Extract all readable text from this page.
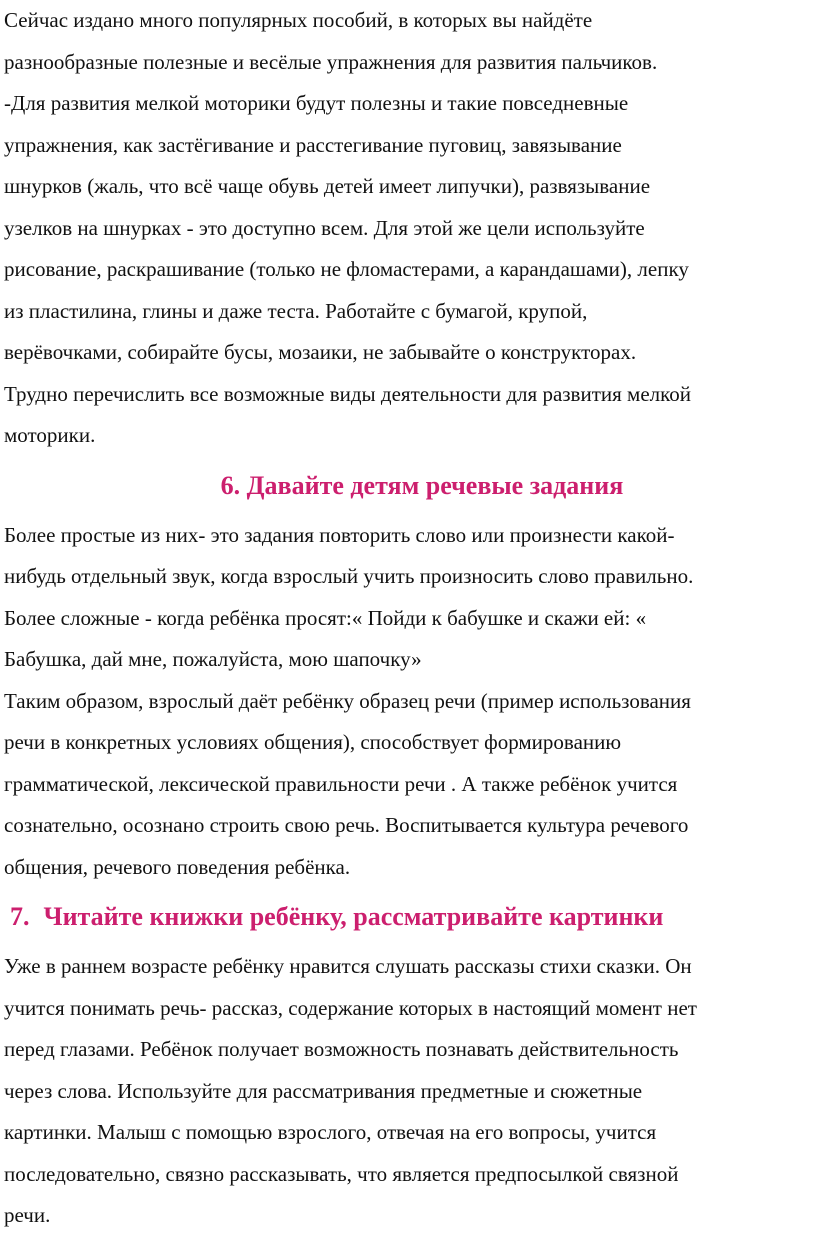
Сейчас издано много популярных пособий, в которых вы найдёте
разнообразные полезные и весёлые упражнения для развития пальчиков.
-Для развития мелкой моторики будут полезны и такие повседневные
упражнения, как застёгивание и расстегивание пуговиц, завязывание
шнурков (жаль, что всё чаще обувь детей имеет липучки), развязывание
узелков на шнурках - это доступно всем. Для этой же цели используйте
рисование, раскрашивание (только не фломастерами, а карандашами), лепку
из пластилина, глины и даже теста. Работайте с бумагой, крупой,
верёвочками, собирайте бусы, мозаики, не забывайте о конструкторах.
Трудно перечислить все возможные виды деятельности для развития мелкой
моторики.
6. Давайте детям речевые задания
Более простые из них- это задания повторить слово или произнести какой-
нибудь отдельный звук, когда взрослый учить произносить слово правильно.
Более сложные - когда ребёнка просят:« Пойди к бабушке и скажи ей: «
Бабушка, дай мне, пожалуйста, мою шапочку»
Таким образом, взрослый даёт ребёнку образец речи (пример использования
речи в конкретных условиях общения), способствует формированию
грамматической, лексической правильности речи . А также ребёнок учится
сознательно, осознано строить свою речь. Воспитывается культура речевого
общения, речевого поведения ребёнка.
7. Читайте книжки ребёнку, рассматривайте картинки
Уже в раннем возрасте ребёнку нравится слушать рассказы стихи сказки. Он
учится понимать речь- рассказ, содержание которых в настоящий момент нет
перед глазами. Ребёнок получает возможность познавать действительность
через слова. Используйте для рассматривания предметные и сюжетные
картинки. Малыш с помощью взрослого, отвечая на его вопросы, учится
последовательно, связно рассказывать, что является предпосылкой связной
речи.
